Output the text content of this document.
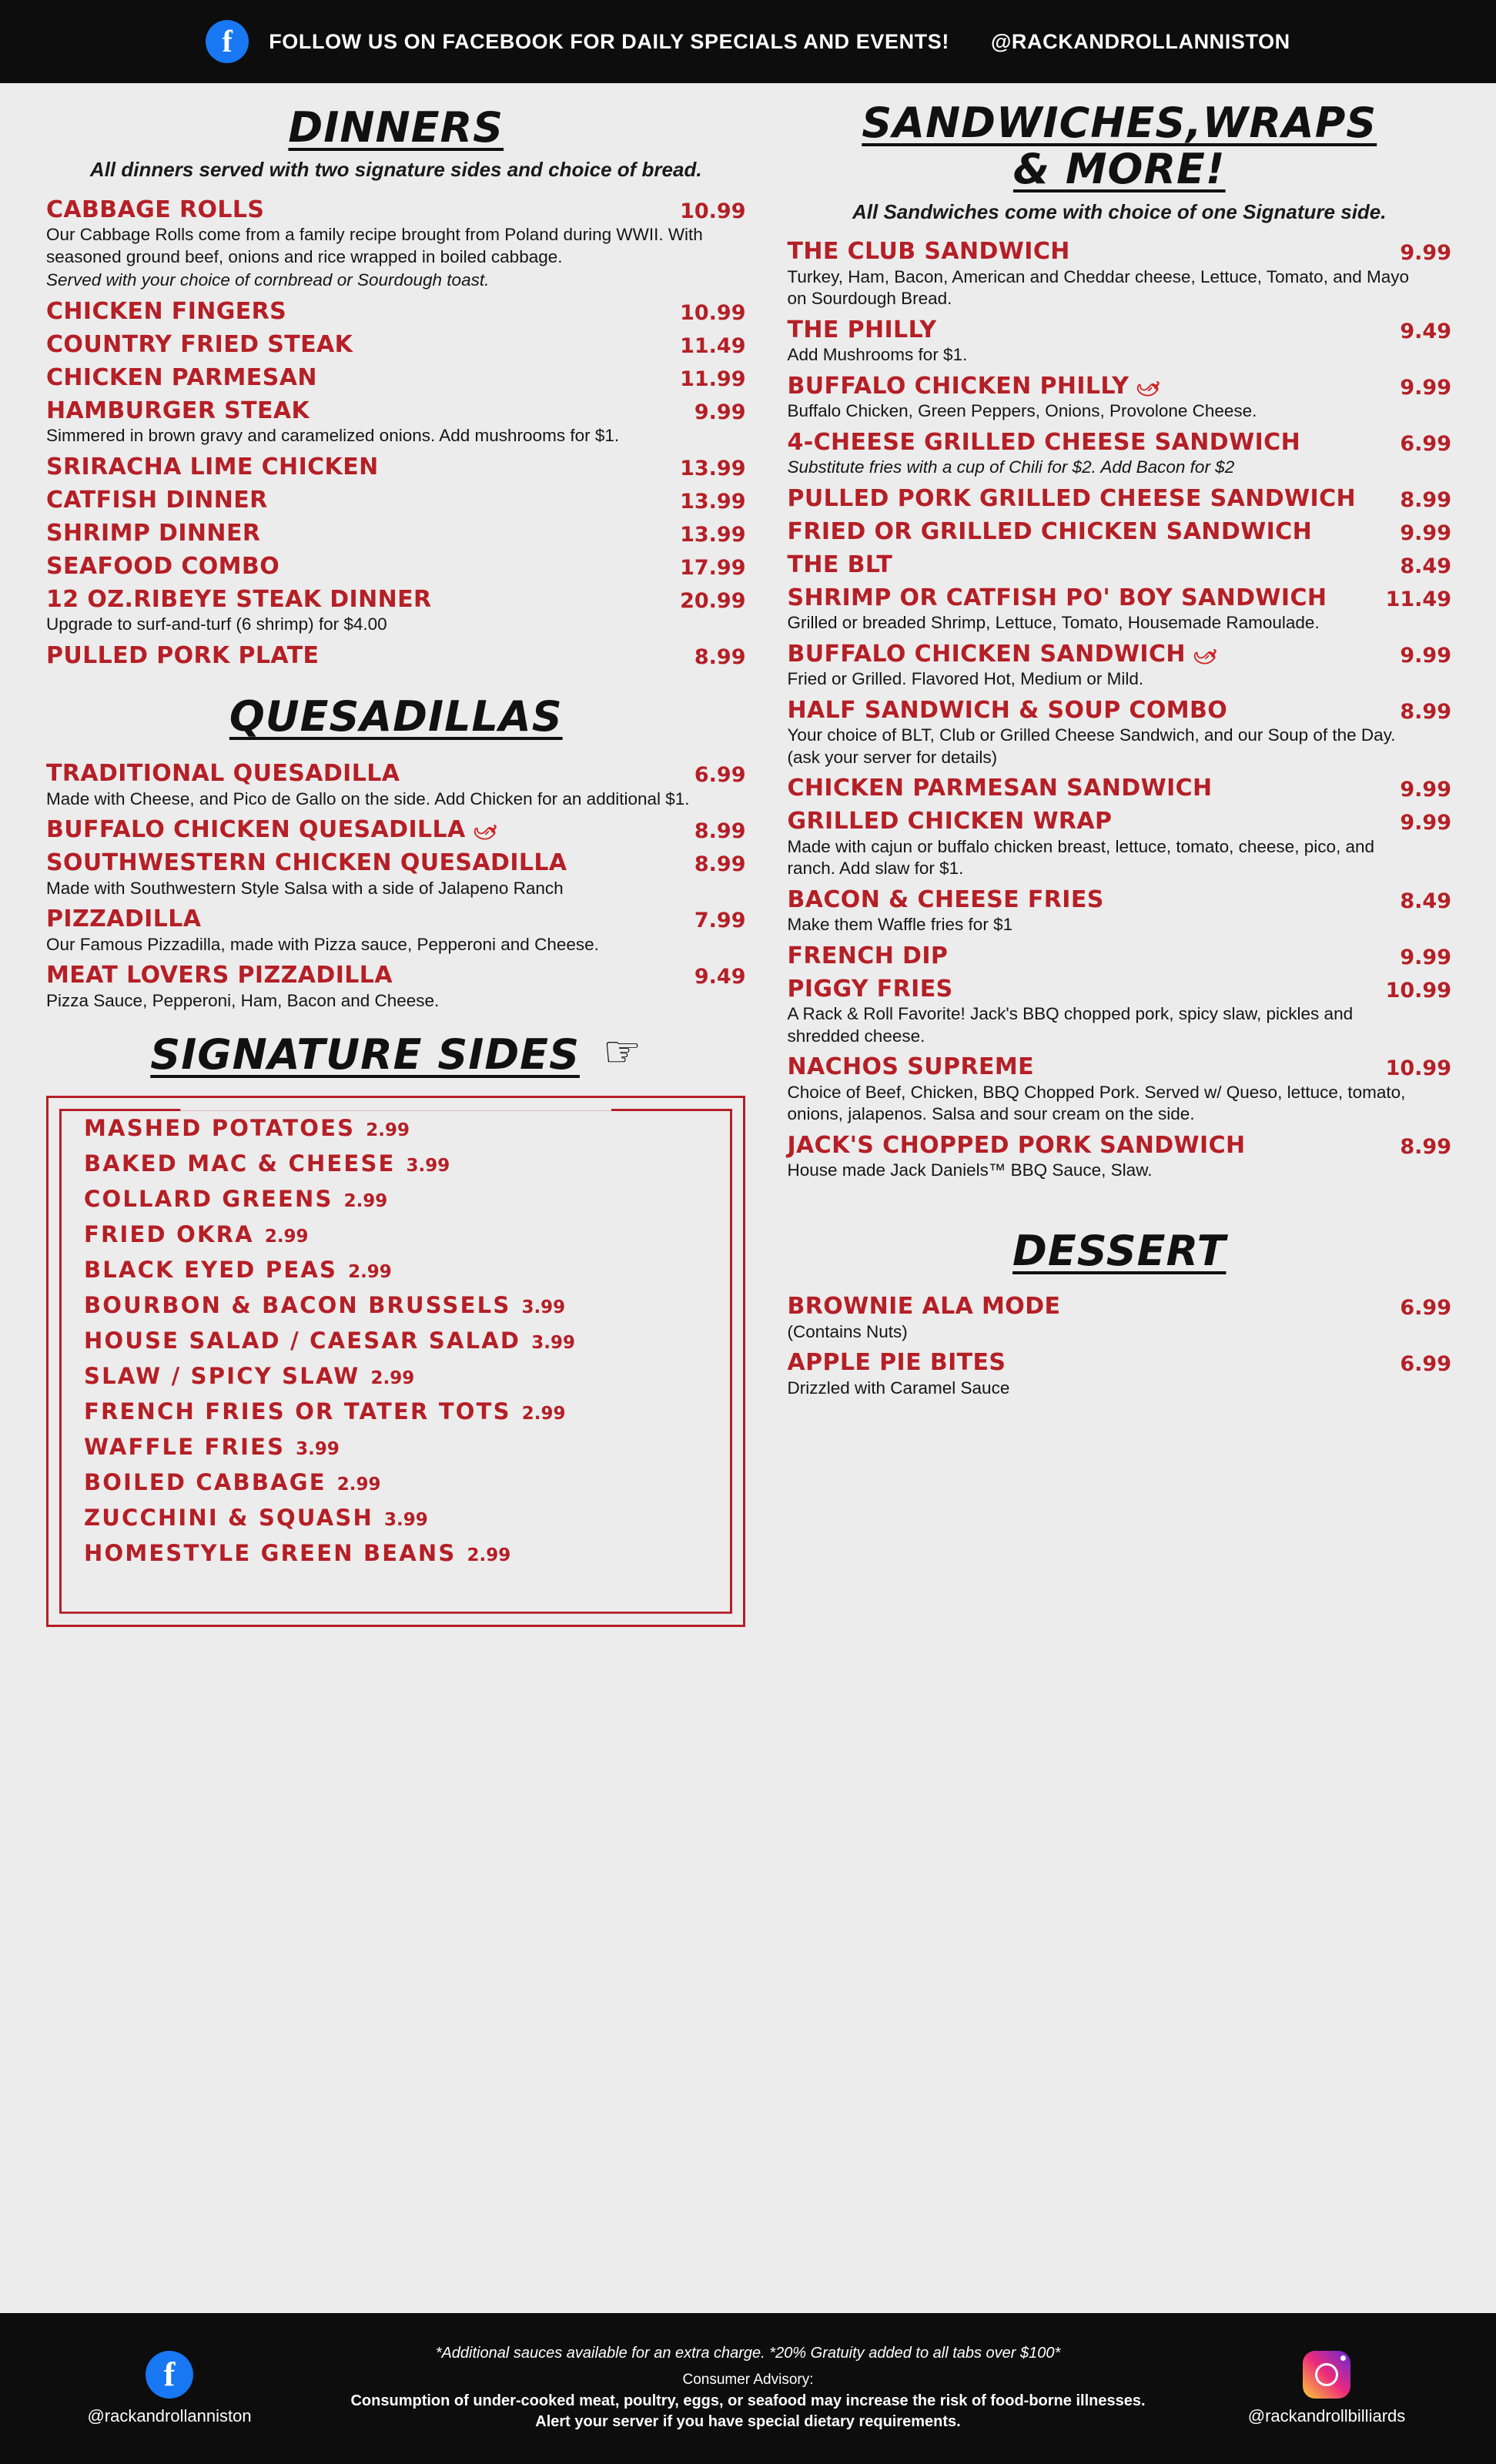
f	FOLLOW US ON FACEBOOK FOR DAILY SPECIALS AND EVENTS! @RACKANDROLLANNISTON
DINNERS
All dinners served with two signature sides and choice of bread.
CABBAGE ROLLS	10.99
Our Cabbage Rolls come from a family recipe brought from Poland during WWII. With seasoned ground beef, onions and rice wrapped in boiled cabbage.
Served with your choice of cornbread or Sourdough toast.
CHICKEN FINGERS	10.99
COUNTRY FRIED STEAK	11.49
CHICKEN PARMESAN	11.99
HAMBURGER STEAK	9.99
Simmered in brown gravy and caramelized onions. Add mushrooms for $1.
SRIRACHA LIME CHICKEN	13.99
CATFISH DINNER	13.99
SHRIMP DINNER	13.99
SEAFOOD COMBO	17.99
12 OZ.RIBEYE STEAK DINNER	20.99
Upgrade to surf-and-turf (6 shrimp) for $4.00
PULLED PORK PLATE	8.99
QUESADILLAS
TRADITIONAL QUESADILLA	6.99
Made with Cheese, and Pico de Gallo on the side. Add Chicken for an additional $1.
BUFFALO CHICKEN QUESADILLA 🌶	8.99
SOUTHWESTERN CHICKEN QUESADILLA	8.99
Made with Southwestern Style Salsa with a side of Jalapeno Ranch
PIZZADILLA	7.99
Our Famous Pizzadilla, made with Pizza sauce, Pepperoni and Cheese.
MEAT LOVERS PIZZADILLA	9.49
Pizza Sauce, Pepperoni, Ham, Bacon and Cheese.
SIGNATURE SIDES ☞
MASHED POTATOES 2.99
BAKED MAC & CHEESE 3.99
COLLARD GREENS 2.99
FRIED OKRA 2.99
BLACK EYED PEAS 2.99
BOURBON & BACON BRUSSELS 3.99
HOUSE SALAD / CAESAR SALAD 3.99
SLAW / SPICY SLAW 2.99
FRENCH FRIES OR TATER TOTS 2.99
WAFFLE FRIES 3.99
BOILED CABBAGE 2.99
ZUCCHINI & SQUASH 3.99
HOMESTYLE GREEN BEANS 2.99
SANDWICHES,WRAPS
& MORE!
All Sandwiches come with choice of one Signature side.
THE CLUB SANDWICH	9.99
Turkey, Ham, Bacon, American and Cheddar cheese, Lettuce, Tomato, and Mayo on Sourdough Bread.
THE PHILLY	9.49
Add Mushrooms for $1.
BUFFALO CHICKEN PHILLY 🌶	9.99
Buffalo Chicken, Green Peppers, Onions, Provolone Cheese.
4-CHEESE GRILLED CHEESE SANDWICH	6.99
Substitute fries with a cup of Chili for $2. Add Bacon for $2
PULLED PORK GRILLED CHEESE SANDWICH	8.99
FRIED OR GRILLED CHICKEN SANDWICH	9.99
THE BLT	8.49
SHRIMP OR CATFISH PO' BOY SANDWICH	11.49
Grilled or breaded Shrimp, Lettuce, Tomato, Housemade Ramoulade.
BUFFALO CHICKEN SANDWICH 🌶	9.99
Fried or Grilled. Flavored Hot, Medium or Mild.
HALF SANDWICH & SOUP COMBO	8.99
Your choice of BLT, Club or Grilled Cheese Sandwich, and our Soup of the Day. (ask your server for details)
CHICKEN PARMESAN SANDWICH	9.99
GRILLED CHICKEN WRAP	9.99
Made with cajun or buffalo chicken breast, lettuce, tomato, cheese, pico, and ranch. Add slaw for $1.
BACON & CHEESE FRIES	8.49
Make them Waffle fries for $1
FRENCH DIP	9.99
PIGGY FRIES	10.99
A Rack & Roll Favorite! Jack's BBQ chopped pork, spicy slaw, pickles and shredded cheese.
NACHOS SUPREME	10.99
Choice of Beef, Chicken, BBQ Chopped Pork. Served w/ Queso, lettuce, tomato, onions, jalapenos. Salsa and sour cream on the side.
JACK'S CHOPPED PORK SANDWICH	8.99
House made Jack Daniels™ BBQ Sauce, Slaw.
DESSERT
BROWNIE ALA MODE	6.99
(Contains Nuts)
APPLE PIE BITES	6.99
Drizzled with Caramel Sauce
f
@rackandrollanniston
*Additional sauces available for an extra charge. *20% Gratuity added to all tabs over $100*
Consumer Advisory:
Consumption of under-cooked meat, poultry, eggs, or seafood may increase the risk of food-borne illnesses.
Alert your server if you have special dietary requirements.	@rackandrollbilliards
